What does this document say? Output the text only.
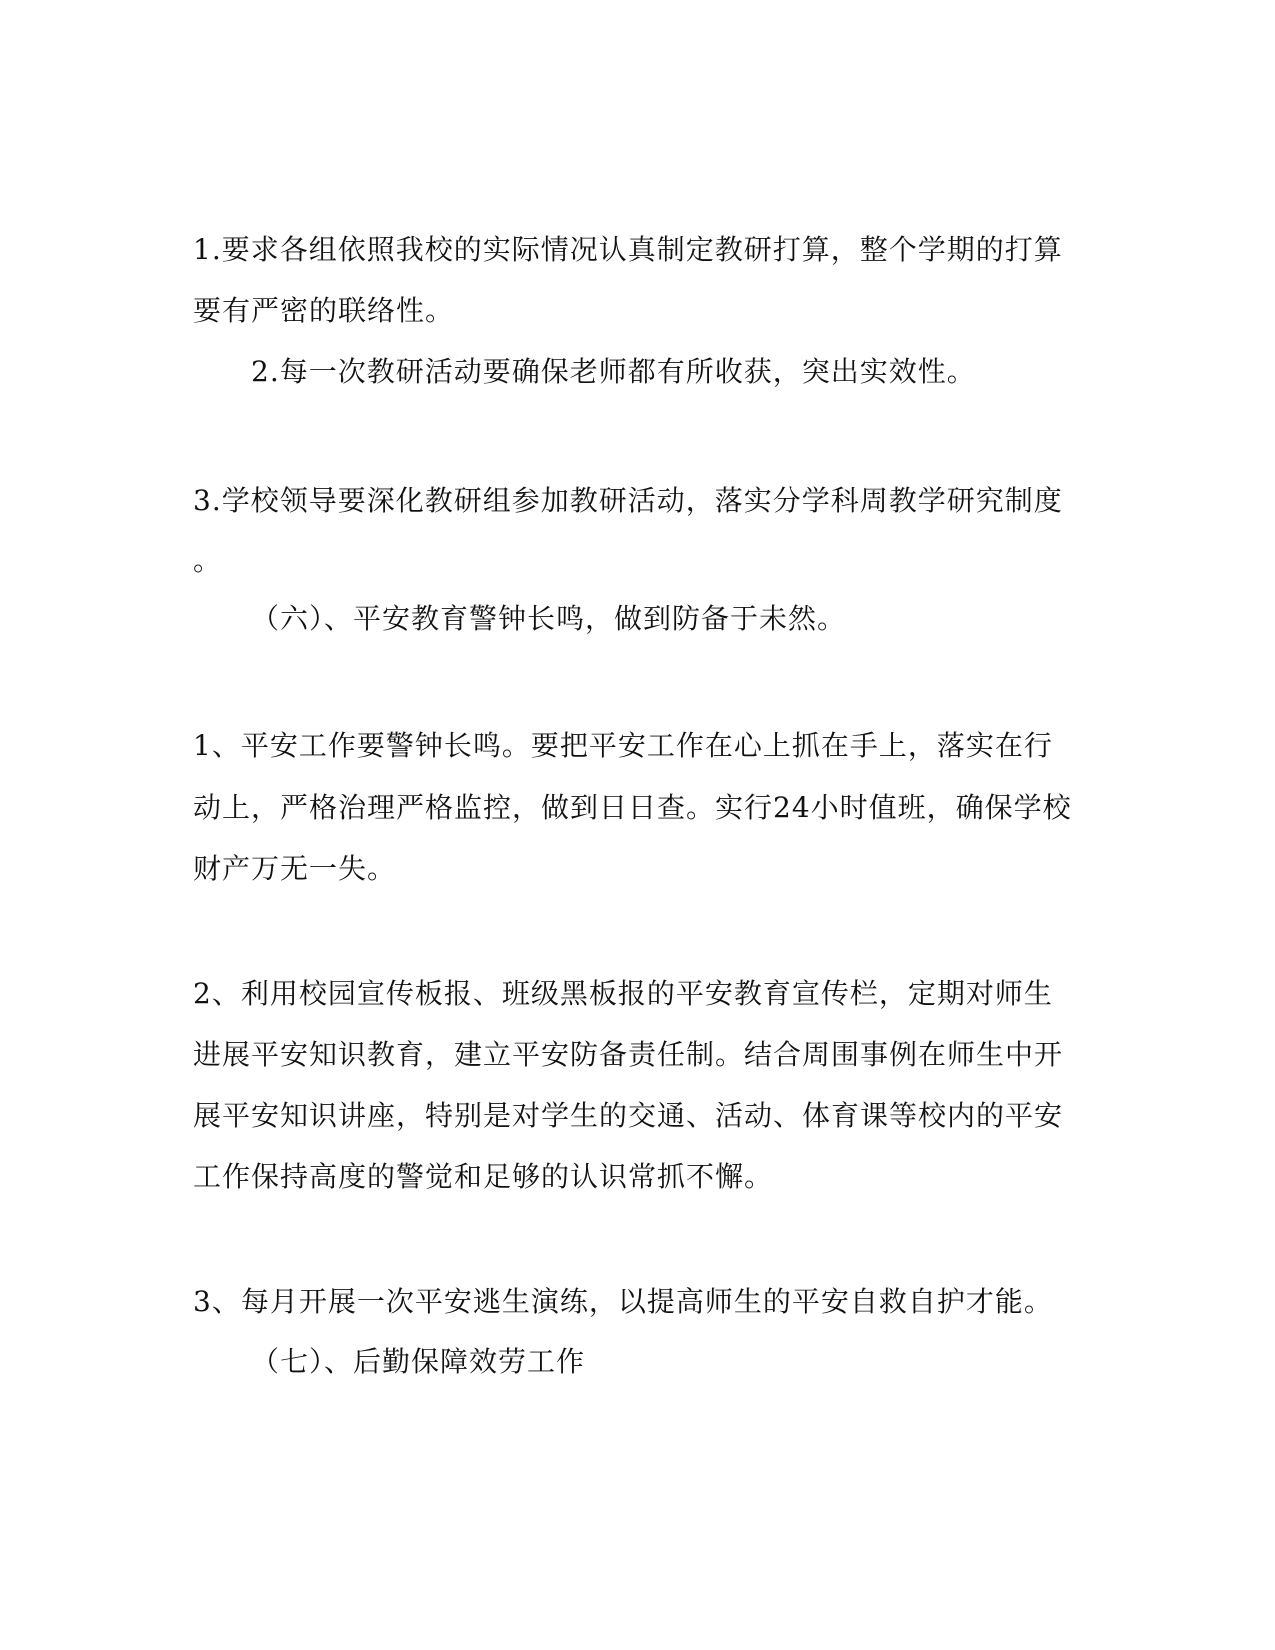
1.要求各组依照我校的实际情况认真制定教研打算，整个学期的打算
要有严密的联络性。
2.每一次教研活动要确保老师都有所收获，突出实效性。
3.学校领导要深化教研组参加教研活动，落实分学科周教学研究制度
。
（六）、平安教育警钟长鸣，做到防备于未然。
1、平安工作要警钟长鸣。要把平安工作在心上抓在手上，落实在行
动上，严格治理严格监控，做到日日查。实行24小时值班，确保学校
财产万无一失。
2、利用校园宣传板报、班级黑板报的平安教育宣传栏，定期对师生
进展平安知识教育，建立平安防备责任制。结合周围事例在师生中开
展平安知识讲座，特别是对学生的交通、活动、体育课等校内的平安
工作保持高度的警觉和足够的认识常抓不懈。
3、每月开展一次平安逃生演练，以提高师生的平安自救自护才能。
（七）、后勤保障效劳工作
